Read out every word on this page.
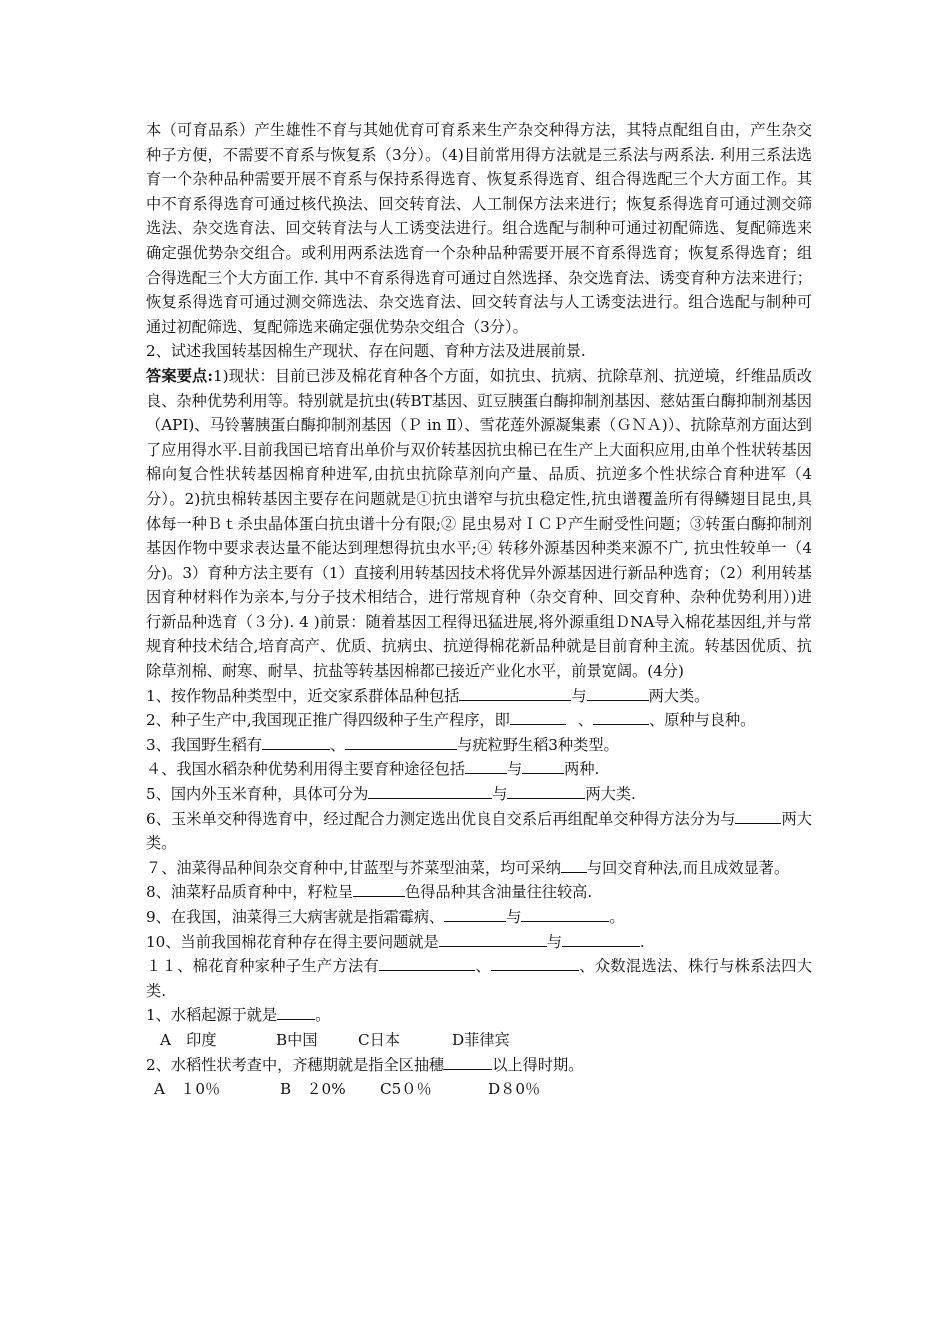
本（可育品系）产生雄性不育与其她优育可育系来生产杂交种得方法，其特点配组自由，产生杂交种子方便，不需要不育系与恢复系（3分）。（4)目前常用得方法就是三系法与两系法. 利用三系法选育一个杂种品种需要开展不育系与保持系得选育、恢复系得选育、组合得选配三个大方面工作。其中不育系得选育可通过核代换法、回交转育法、人工制保方法来进行；恢复系得选育可通过测交筛选法、杂交选育法、回交转育法与人工诱变法进行。组合选配与制种可通过初配筛选、复配筛选来确定强优势杂交组合。或利用两系法选育一个杂种品种需要开展不育系得选育；恢复系得选育；组合得选配三个大方面工作. 其中不育系得选育可通过自然选择、杂交选育法、诱变育种方法来进行；恢复系得选育可通过测交筛选法、杂交选育法、回交转育法与人工诱变法进行。组合选配与制种可通过初配筛选、复配筛选来确定强优势杂交组合（3分）。

2、试述我国转基因棉生产现状、存在问题、育种方法及进展前景.

答案要点:1)现状：目前已涉及棉花育种各个方面，如抗虫、抗病、抗除草剂、抗逆境，纤维品质改良、杂种优势利用等。特别就是抗虫(转BT基因、豇豆胰蛋白酶抑制剂基因、慈姑蛋白酶抑制剂基因（API)、马铃薯胰蛋白酶抑制剂基因（Ｐ in Ⅱ）、雪花莲外源凝集素（ＧＮＡ)）、抗除草剂方面达到了应用得水平.目前我国已培育出单价与双价转基因抗虫棉已在生产上大面积应用,由单个性状转基因棉向复合性状转基因棉育种进军,由抗虫抗除草剂向产量、品质、抗逆多个性状综合育种进军（4分）。2)抗虫棉转基因主要存在问题就是①抗虫谱窄与抗虫稳定性,抗虫谱覆盖所有得鳞翅目昆虫,具体每一种Ｂｔ杀虫晶体蛋白抗虫谱十分有限;② 昆虫易对ＩＣＰ产生耐受性问题；③转蛋白酶抑制剂基因作物中要求表达量不能达到理想得抗虫水平;④ 转移外源基因种类来源不广, 抗虫性较单一（4分)。3）育种方法主要有（1）直接利用转基因技术将优异外源基因进行新品种选育；（2）利用转基因育种材料作为亲本,与分子技术相结合，进行常规育种（杂交育种、回交育种、杂种优势利用）)进行新品种选育（３分). 4 )前景：随着基因工程得迅猛进展,将外源重组ＤNA导入棉花基因组,并与常规育种技术结合,培育高产、优质、抗病虫、抗逆得棉花新品种就是目前育种主流。转基因优质、抗除草剂棉、耐寒、耐旱、抗盐等转基因棉都已接近产业化水平，前景宽阔。(4分)

1、按作物品种类型中，近交家系群体品种包括	与	两大类。

2、种子生产中,我国现正推广得四级种子生产程序，即	、	、原种与良种。

3、我国野生稻有	、	与疣粒野生稻3种类型。

４、我国水稻杂种优势利用得主要育种途径包括	与	两种.

5、国内外玉米育种，具体可分为	与	两大类.

6、玉米单交种得选育中，经过配合力测定选出优良自交系后再组配单交种得方法分为与	两大类。

７、油菜得品种间杂交育种中,甘蓝型与芥菜型油菜，均可采纳 与回交育种法,而且成效显著。

8、油菜籽品质育种中，籽粒呈	色得品种其含油量往往较高.

9、在我国，油菜得三大病害就是指霜霉病、	与	。

10、当前我国棉花育种存在得主要问题就是	与	.

１１、棉花育种家种子生产方法有	、	、众数混选法、株行与株系法四大类.

1、水稻起源于就是	。

A　印度	B中国	C日本	D菲律宾

2、水稻性状考查中，齐穗期就是指全区抽穗	以上得时期。

A　１0％	B　２0% C5０％	D８0％
